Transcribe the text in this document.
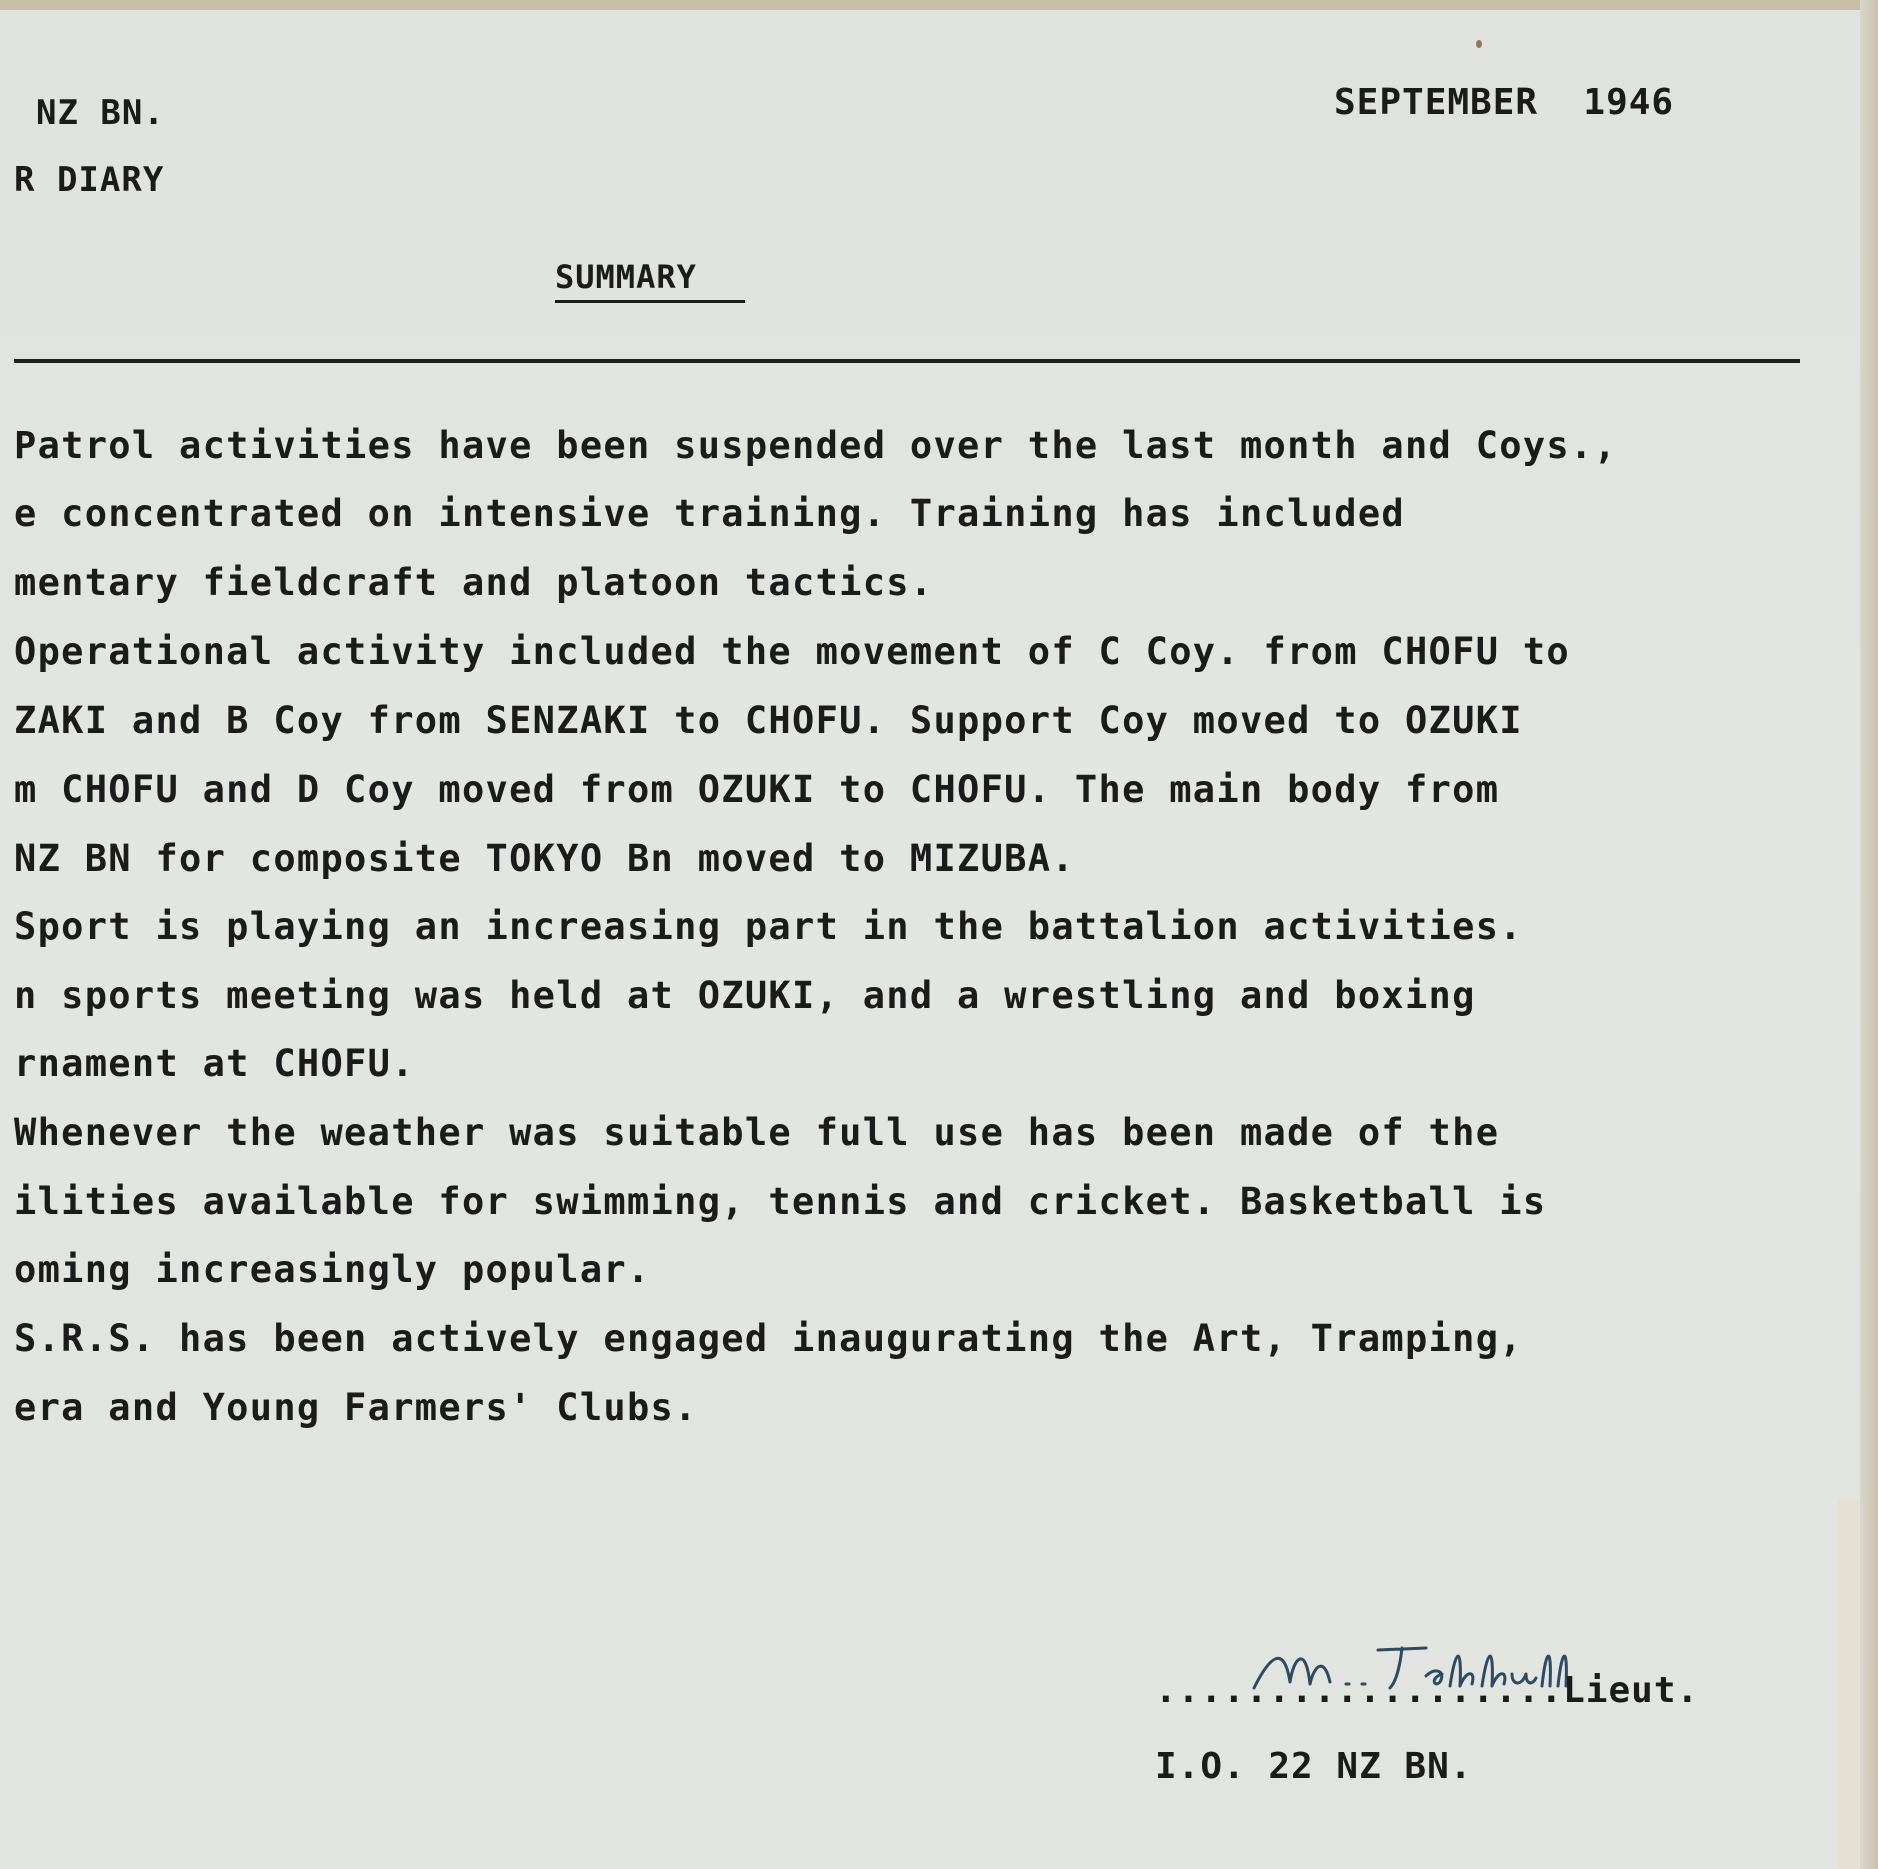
NZ BN.

R DIARY

SEPTEMBER  1946

SUMMARY

Patrol activities have been suspended over the last month and Coys.,

e concentrated on intensive training. Training has included

mentary fieldcraft and platoon tactics.

Operational activity included the movement of C Coy. from CHOFU to

ZAKI and B Coy from SENZAKI to CHOFU. Support Coy moved to OZUKI

m CHOFU and D Coy moved from OZUKI to CHOFU. The main body from

NZ BN for composite TOKYO Bn moved to MIZUBA.

Sport is playing an increasing part in the battalion activities.

n sports meeting was held at OZUKI, and a wrestling and boxing

rnament at CHOFU.

Whenever the weather was suitable full use has been made of the

ilities available for swimming, tennis and cricket. Basketball is

oming increasingly popular.

S.R.S. has been actively engaged inaugurating the Art, Tramping,

era and Young Farmers' Clubs.

..................Lieut.

I.O. 22 NZ BN.
